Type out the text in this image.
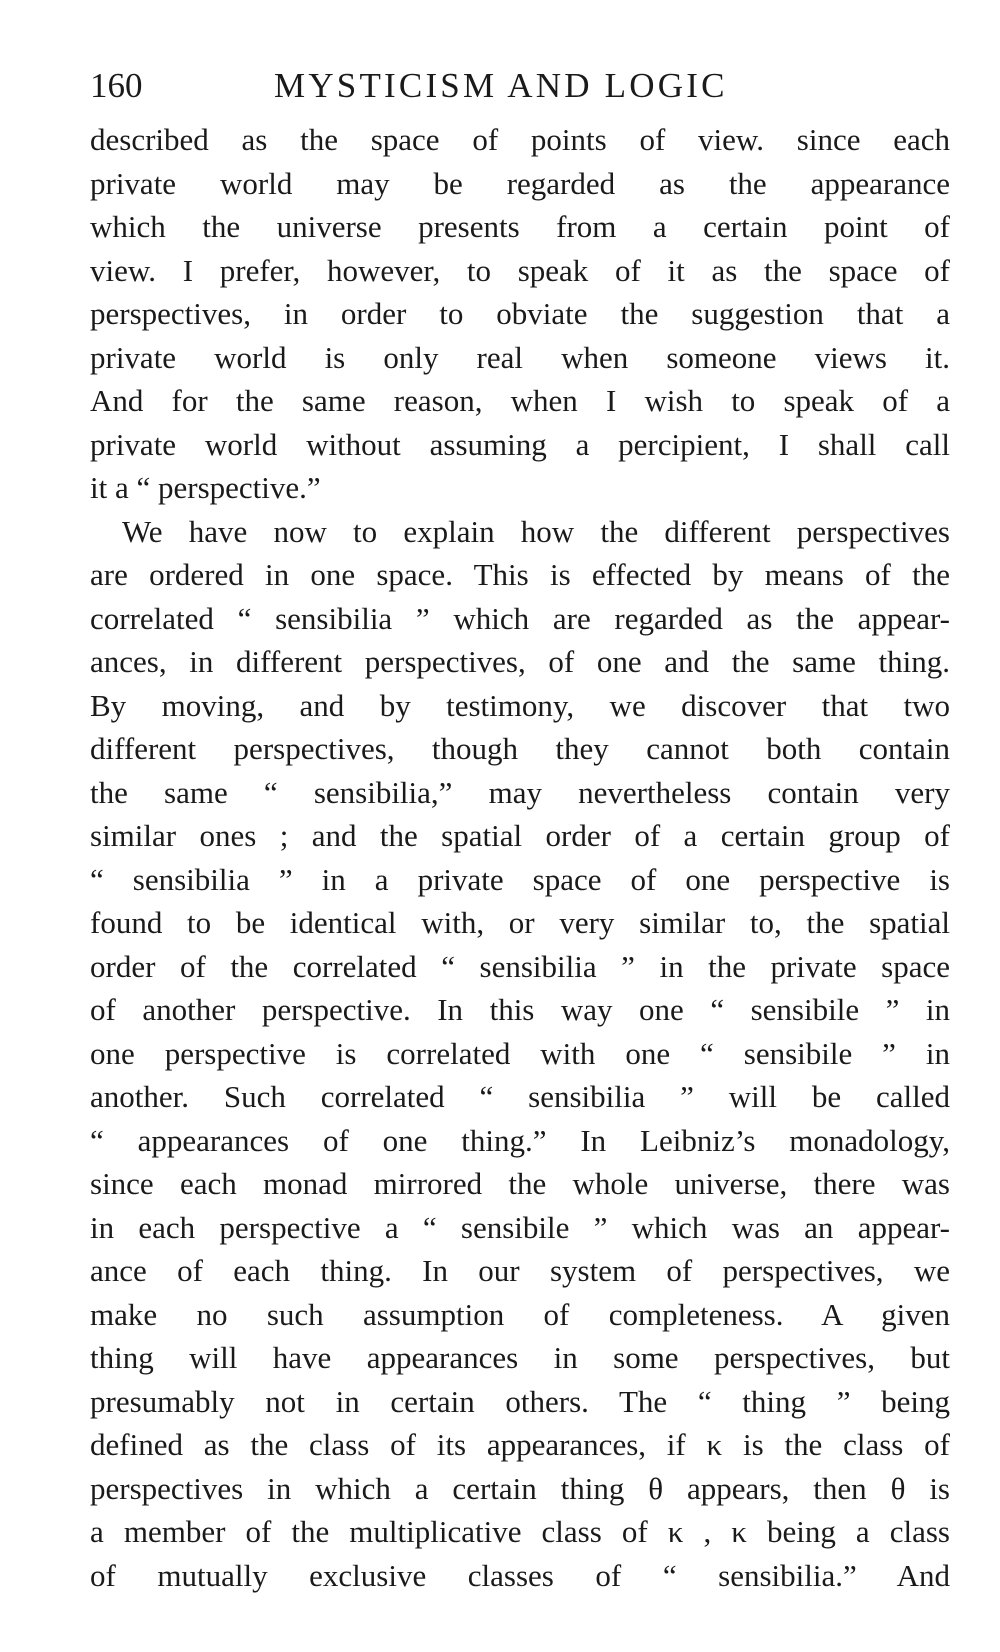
160	MYSTICISM AND LOGIC
described as the space of points of view. since each
private world may be regarded as the appearance
which the universe presents from a certain point of
view. I prefer, however, to speak of it as the space of
perspectives, in order to obviate the suggestion that a
private world is only real when someone views it.
And for the same reason, when I wish to speak of a
private world without assuming a percipient, I shall call
it a “ perspective.”
We have now to explain how the different perspectives
are ordered in one space. This is effected by means of the
correlated “ sensibilia ” which are regarded as the appear-
ances, in different perspectives, of one and the same thing.
By moving, and by testimony, we discover that two
different perspectives, though they cannot both contain
the same “ sensibilia,” may nevertheless contain very
similar ones ; and the spatial order of a certain group of
“ sensibilia ” in a private space of one perspective is
found to be identical with, or very similar to, the spatial
order of the correlated “ sensibilia ” in the private space
of another perspective. In this way one “ sensibile ” in
one perspective is correlated with one “ sensibile ” in
another. Such correlated “ sensibilia ” will be called
“ appearances of one thing.” In Leibniz’s monadology,
since each monad mirrored the whole universe, there was
in each perspective a “ sensibile ” which was an appear-
ance of each thing. In our system of perspectives, we
make no such assumption of completeness. A given
thing will have appearances in some perspectives, but
presumably not in certain others. The “ thing ” being
defined as the class of its appearances, if κ is the class of
perspectives in which a certain thing θ appears, then θ is
a member of the multiplicative class of κ , κ being a class
of mutually exclusive classes of “ sensibilia.” And
